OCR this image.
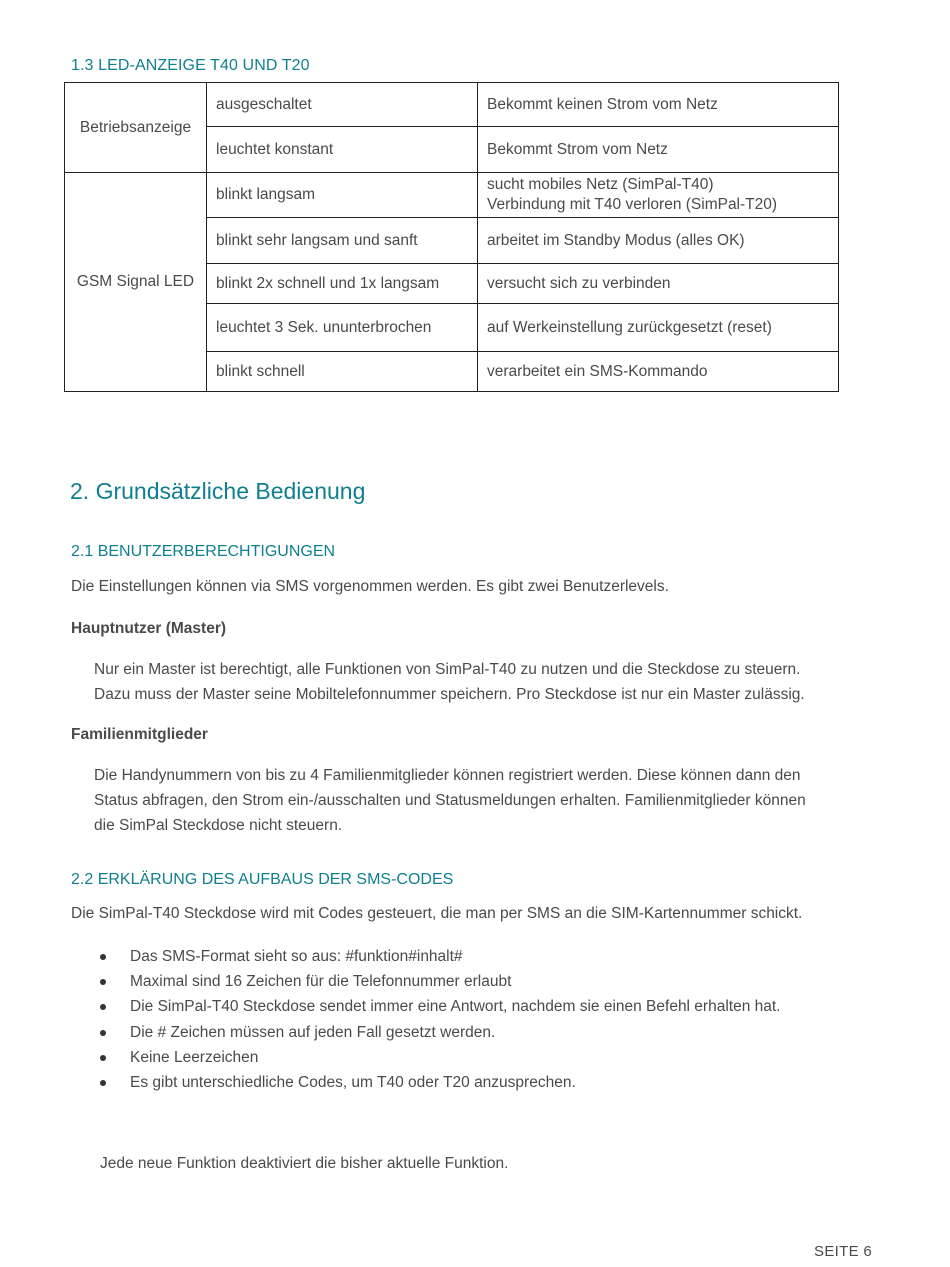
1.3 LED-ANZEIGE T40 UND T20
Betriebsanzeige	ausgeschaltet	Bekommt keinen Strom vom Netz
	leuchtet konstant	Bekommt Strom vom Netz
GSM Signal LED	blinkt langsam	sucht mobiles Netz (SimPal-T40)
Verbindung mit T40 verloren (SimPal-T20)

	blinkt sehr langsam und sanft	arbeitet im Standby Modus (alles OK)
	blinkt 2x schnell und 1x langsam	versucht sich zu verbinden
	leuchtet 3 Sek. ununterbrochen	auf Werkeinstellung zurückgesetzt (reset)
	blinkt schnell	verarbeitet ein SMS-Kommando
2. Grundsätzliche Bedienung
2.1 BENUTZERBERECHTIGUNGEN

Die Einstellungen können via SMS vorgenommen werden. Es gibt zwei Benutzerlevels.

Hauptnutzer (Master)

Nur ein Master ist berechtigt, alle Funktionen von SimPal-T40 zu nutzen und die Steckdose zu steuern.
Dazu muss der Master seine Mobiltelefonnummer speichern. Pro Steckdose ist nur ein Master zulässig.

Familienmitglieder

Die Handynummern von bis zu 4 Familienmitglieder können registriert werden. Diese können dann den
Status abfragen, den Strom ein-/ausschalten und Statusmeldungen erhalten. Familienmitglieder können
die SimPal Steckdose nicht steuern.
2.2 ERKLÄRUNG DES AUFBAUS DER SMS-CODES

Die SimPal-T40 Steckdose wird mit Codes gesteuert, die man per SMS an die SIM-Kartennummer schickt.

Das SMS-Format sieht so aus: #funktion#inhalt#
Maximal sind 16 Zeichen für die Telefonnummer erlaubt
Die SimPal-T40 Steckdose sendet immer eine Antwort, nachdem sie einen Befehl erhalten hat.
Die # Zeichen müssen auf jeden Fall gesetzt werden.
Keine Leerzeichen
Es gibt unterschiedliche Codes, um T40 oder T20 anzusprechen.

Jede neue Funktion deaktiviert die bisher aktuelle Funktion.

SEITE 6
